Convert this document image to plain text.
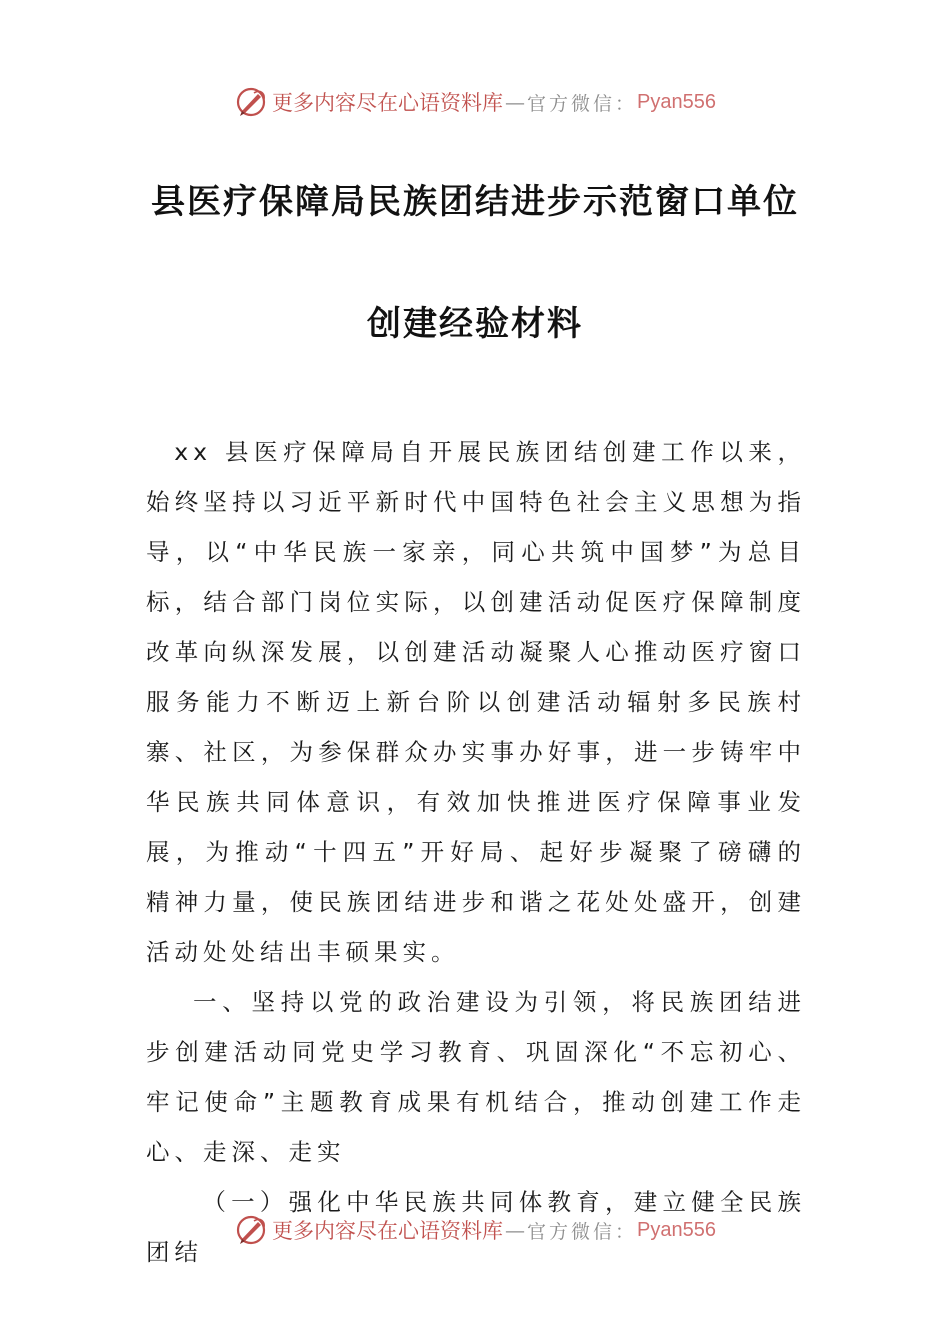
更多内容尽在心语资料库 — 官方微信： Pyan556
县医疗保障局民族团结进步示范窗口单位
创建经验材料

xx 县医疗保障局自开展民族团结创建工作以来，始终坚持以习近平新时代中国特色社会主义思想为指导，以“中华民族一家亲，同心共筑中国梦”为总目标，结合部门岗位实际，以创建活动促医疗保障制度改革向纵深发展，以创建活动凝聚人心推动医疗窗口服务能力不断迈上新台阶以创建活动辐射多民族村寨、社区，为参保群众办实事办好事，进一步铸牢中华民族共同体意识，有效加快推进医疗保障事业发展，为推动“十四五”开好局、起好步凝聚了磅礴的精神力量，使民族团结进步和谐之花处处盛开，创建活动处处结出丰硕果实。

一、坚持以党的政治建设为引领，将民族团结进步创建活动同党史学习教育、巩固深化“不忘初心、牢记使命”主题教育成果有机结合，推动创建工作走心、走深、走实

（一）强化中华民族共同体教育，建立健全民族团结

更多内容尽在心语资料库 — 官方微信： Pyan556
